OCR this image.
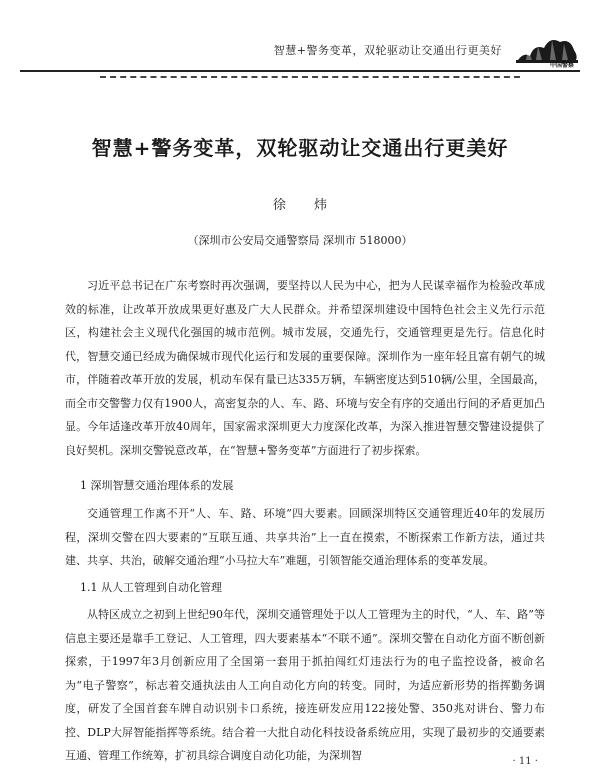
智慧+警务变革，双轮驱动让交通出行更美好
中国警察
智慧+警务变革，双轮驱动让交通出行更美好
徐 炜
（深圳市公安局交通警察局 深圳市 518000）

习近平总书记在广东考察时再次强调，要坚持以人民为中心，把为人民谋幸福作为检验改革成效的标准，让改革开放成果更好惠及广大人民群众。并希望深圳建设中国特色社会主义先行示范区，构建社会主义现代化强国的城市范例。城市发展，交通先行，交通管理更是先行。信息化时代，智慧交通已经成为确保城市现代化运行和发展的重要保障。深圳作为一座年轻且富有朝气的城市，伴随着改革开放的发展，机动车保有量已达335万辆，车辆密度达到510辆/公里，全国最高，而全市交警警力仅有1900人，高密复杂的人、车、路、环境与安全有序的交通出行间的矛盾更加凸显。今年适逢改革开放40周年，国家需求深圳更大力度深化改革，为深入推进智慧交警建设提供了良好契机。深圳交警锐意改革，在“智慧+警务变革”方面进行了初步探索。

1 深圳智慧交通治理体系的发展

交通管理工作离不开“人、车、路、环境”四大要素。回顾深圳特区交通管理近40年的发展历程，深圳交警在四大要素的“互联互通、共享共治”上一直在摸索，不断探索工作新方法，通过共建、共享、共治，破解交通治理“小马拉大车”难题，引领智能交通治理体系的变革发展。

1.1 从人工管理到自动化管理

从特区成立之初到上世纪90年代，深圳交通管理处于以人工管理为主的时代，“人、车、路”等信息主要还是靠手工登记、人工管理，四大要素基本“不联不通”。深圳交警在自动化方面不断创新探索，于1997年3月创新应用了全国第一套用于抓拍闯红灯违法行为的电子监控设备，被命名为“电子警察”，标志着交通执法由人工向自动化方向的转变。同时，为适应新形势的指挥勤务调度，研发了全国首套车牌自动识别卡口系统，接连研发应用122接处警、350兆对讲台、警力布控、DLP大屏智能指挥等系统。结合着一大批自动化科技设备系统应用，实现了最初步的交通要素互通、管理工作统筹，扩初具综合调度自动化功能，为深圳智	· 11 ·
